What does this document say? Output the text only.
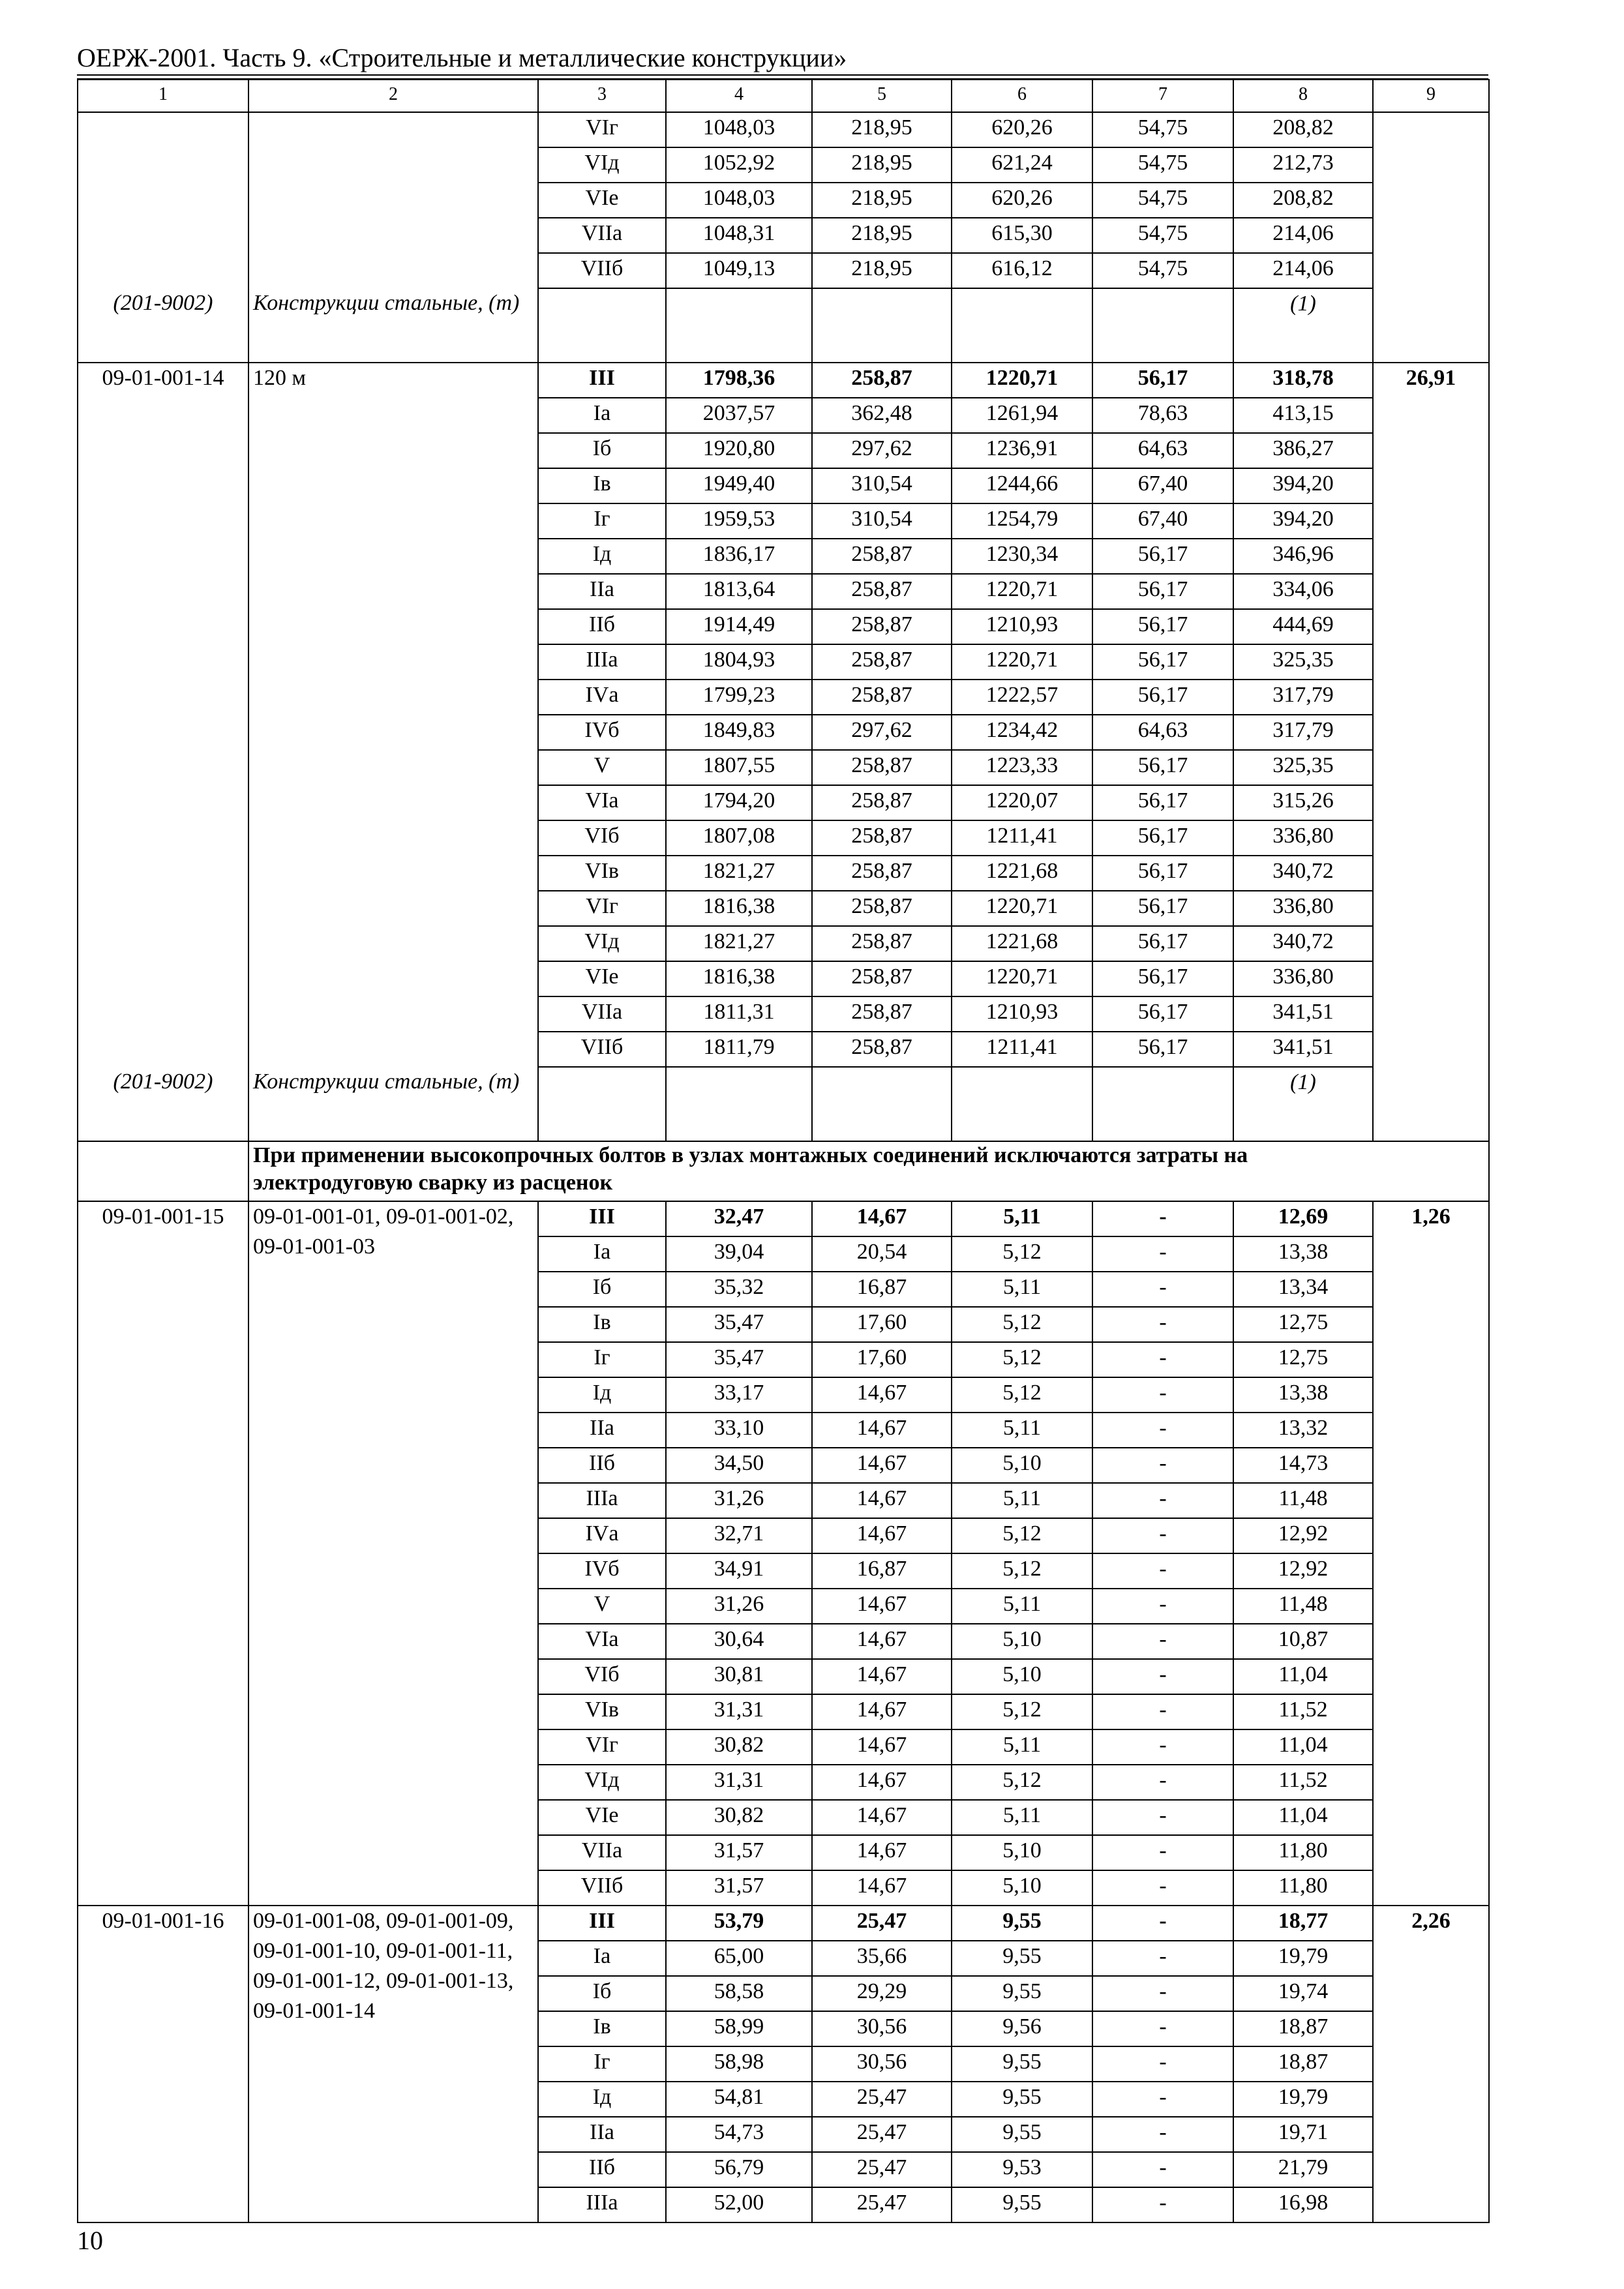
ОЕРЖ-2001. Часть 9. «Строительные и металлические конструкции»
1	2	3	4	5	6	7	8	9
		VIг	1048,03	218,95	620,26	54,75	208,82	
		VIд	1052,92	218,95	621,24	54,75	212,73	
		VIе	1048,03	218,95	620,26	54,75	208,82	
		VIIа	1048,31	218,95	615,30	54,75	214,06	
		VIIб	1049,13	218,95	616,12	54,75	214,06	
(201-9002)	Конструкции стальные, (т)						(1)	
09-01-001-14	120 м	III	1798,36	258,87	1220,71	56,17	318,78	26,91
		Iа	2037,57	362,48	1261,94	78,63	413,15	
		Iб	1920,80	297,62	1236,91	64,63	386,27	
		Iв	1949,40	310,54	1244,66	67,40	394,20	
		Iг	1959,53	310,54	1254,79	67,40	394,20	
		Iд	1836,17	258,87	1230,34	56,17	346,96	
		IIа	1813,64	258,87	1220,71	56,17	334,06	
		IIб	1914,49	258,87	1210,93	56,17	444,69	
		IIIа	1804,93	258,87	1220,71	56,17	325,35	
		IVа	1799,23	258,87	1222,57	56,17	317,79	
		IVб	1849,83	297,62	1234,42	64,63	317,79	
		V	1807,55	258,87	1223,33	56,17	325,35	
		VIа	1794,20	258,87	1220,07	56,17	315,26	
		VIб	1807,08	258,87	1211,41	56,17	336,80	
		VIв	1821,27	258,87	1221,68	56,17	340,72	
		VIг	1816,38	258,87	1220,71	56,17	336,80	
		VIд	1821,27	258,87	1221,68	56,17	340,72	
		VIе	1816,38	258,87	1220,71	56,17	336,80	
		VIIа	1811,31	258,87	1210,93	56,17	341,51	
		VIIб	1811,79	258,87	1211,41	56,17	341,51	
(201-9002)	Конструкции стальные, (т)						(1)	
	При применении высокопрочных болтов в узлах монтажных соединений исключаются затраты на электродуговую сварку из расценок							
09-01-001-15	09-01-001-01, 09-01-001-02, 09-01-001-03	III	32,47	14,67	5,11	-	12,69	1,26
		Iа	39,04	20,54	5,12	-	13,38	
		Iб	35,32	16,87	5,11	-	13,34	
		Iв	35,47	17,60	5,12	-	12,75	
		Iг	35,47	17,60	5,12	-	12,75	
		Iд	33,17	14,67	5,12	-	13,38	
		IIа	33,10	14,67	5,11	-	13,32	
		IIб	34,50	14,67	5,10	-	14,73	
		IIIа	31,26	14,67	5,11	-	11,48	
		IVа	32,71	14,67	5,12	-	12,92	
		IVб	34,91	16,87	5,12	-	12,92	
		V	31,26	14,67	5,11	-	11,48	
		VIа	30,64	14,67	5,10	-	10,87	
		VIб	30,81	14,67	5,10	-	11,04	
		VIв	31,31	14,67	5,12	-	11,52	
		VIг	30,82	14,67	5,11	-	11,04	
		VIд	31,31	14,67	5,12	-	11,52	
		VIе	30,82	14,67	5,11	-	11,04	
		VIIа	31,57	14,67	5,10	-	11,80	
		VIIб	31,57	14,67	5,10	-	11,80	
09-01-001-16	09-01-001-08, 09-01-001-09, 09-01-001-10, 09-01-001-11, 09-01-001-12, 09-01-001-13, 09-01-001-14	III	53,79	25,47	9,55	-	18,77	2,26
		Iа	65,00	35,66	9,55	-	19,79	
		Iб	58,58	29,29	9,55	-	19,74	
		Iв	58,99	30,56	9,56	-	18,87	
		Iг	58,98	30,56	9,55	-	18,87	
		Iд	54,81	25,47	9,55	-	19,79	
		IIа	54,73	25,47	9,55	-	19,71	
		IIб	56,79	25,47	9,53	-	21,79	
		IIIа	52,00	25,47	9,55	-	16,98	
10
